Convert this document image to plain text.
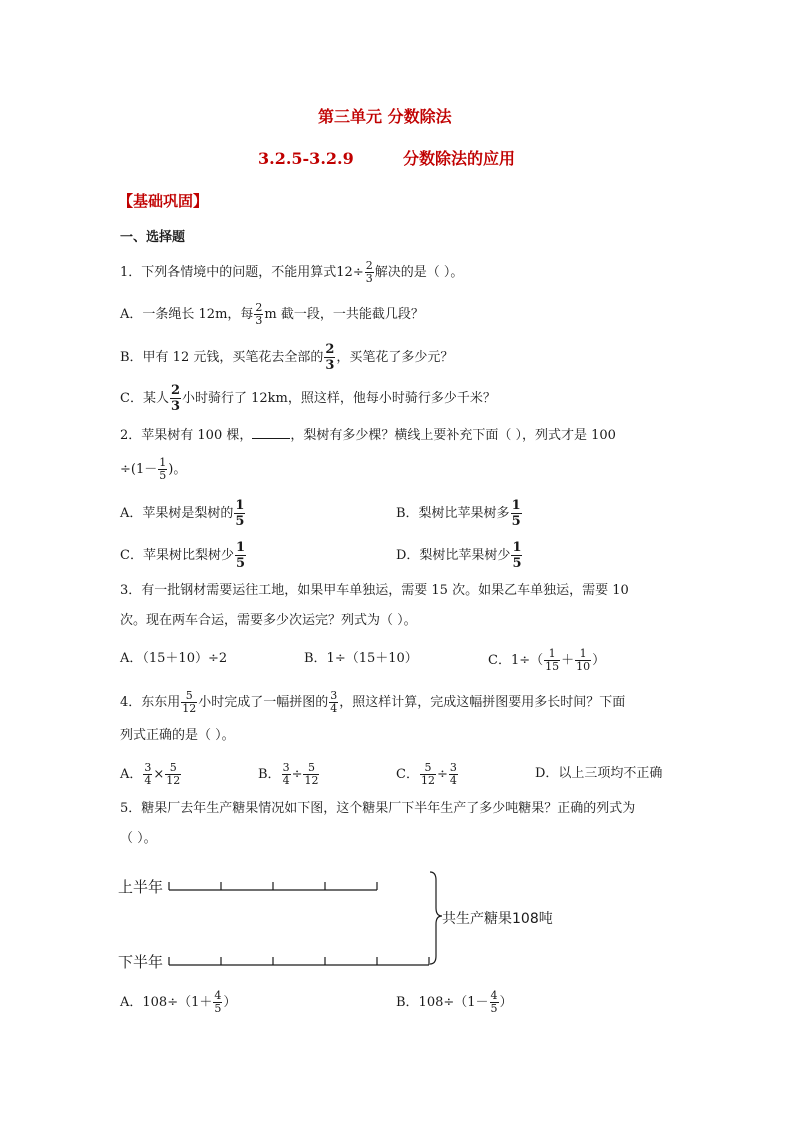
第三单元 分数除法
3.2.5-3.2.9	分数除法的应用
【基础巩固】
一、选择题
1．下列各情境中的问题，不能用算式$12\div \frac{2}{3}$ 解决的是（ ）。
A．一条绳长 12m，每 $\frac{2}{3}$ m 截一段，一共能截几段？
B．甲有 12 元钱，买笔花去全部的 $\frac{2}{3}$ ，买笔花了多少元？
C．某人 $\frac{2}{3}$ 小时骑行了 12km，照这样，他每小时骑行多少千米？
2．苹果树有 100 棵，	，梨树有多少棵？横线上要补充下面（ ），列式才是 100
$\div(1- \frac{1}{5}$ )。
A．苹果树是梨树的 $\frac{1}{5}$	B．梨树比苹果树多 $\frac{1}{5}$
C．苹果树比梨树少 $\frac{1}{5}$	D．梨树比苹果树少 $\frac{1}{5}$
3．有一批钢材需要运往工地，如果甲车单独运，需要 15 次。如果乙车单独运，需要 10
次。现在两车合运，需要多少次运完？列式为（ ）。
A．（15＋10）÷2	B．1÷（15＋10）	C．$1\div( \frac{1}{15} + \frac{1}{10}$ ）
4．东东用 $\frac{5}{12}$ 小时完成了一幅拼图的 $\frac{3}{4}$ ，照这样计算，完成这幅拼图要用多长时间？下面
列式正确的是（ ）。
A． $\frac{3}{4} \times \frac{5}{12}$	B． $\frac{3}{4} \div \frac{5}{12}$	C． $\frac{5}{12} \div \frac{3}{4}$	D．以上三项均不正确
5．糖果厂去年生产糖果情况如下图，这个糖果厂下半年生产了多少吨糖果？正确的列式为
（ ）。
上半年
下半年
共生产糖果108吨
A．$108\div(1+ \frac{4}{5}$ ）	B．$108\div(1- \frac{4}{5}$ ）
